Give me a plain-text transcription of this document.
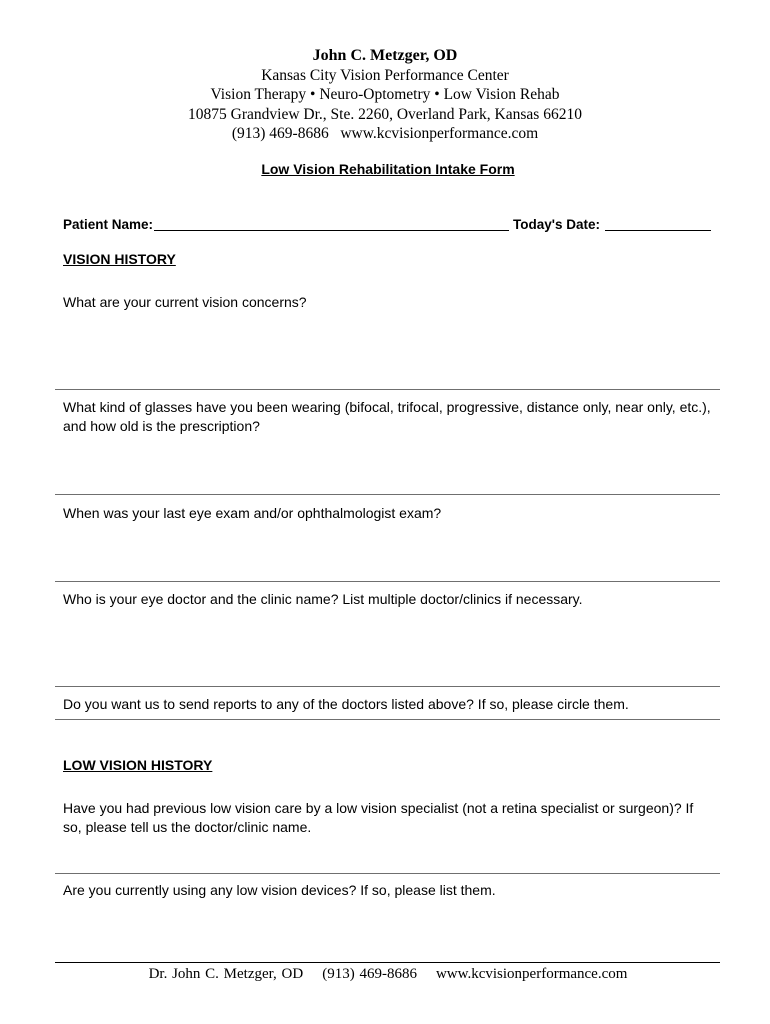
John C. Metzger, OD
Kansas City Vision Performance Center
Vision Therapy • Neuro-Optometry • Low Vision Rehab
10875 Grandview Dr., Ste. 2260, Overland Park, Kansas 66210
(913) 469-8686   www.kcvisionperformance.com
Low Vision Rehabilitation Intake Form
Patient Name:	Today's Date:
VISION HISTORY
What are your current vision concerns?
What kind of glasses have you been wearing (bifocal, trifocal, progressive, distance only, near only, etc.), and how old is the prescription?
When was your last eye exam and/or ophthalmologist exam?
Who is your eye doctor and the clinic name? List multiple doctor/clinics if necessary.
Do you want us to send reports to any of the doctors listed above? If so, please circle them.
LOW VISION HISTORY
Have you had previous low vision care by a low vision specialist (not a retina specialist or surgeon)? If so, please tell us the doctor/clinic name.
Are you currently using any low vision devices? If so, please list them.
Dr. John C. Metzger, OD (913) 469-8686 www.kcvisionperformance.com
